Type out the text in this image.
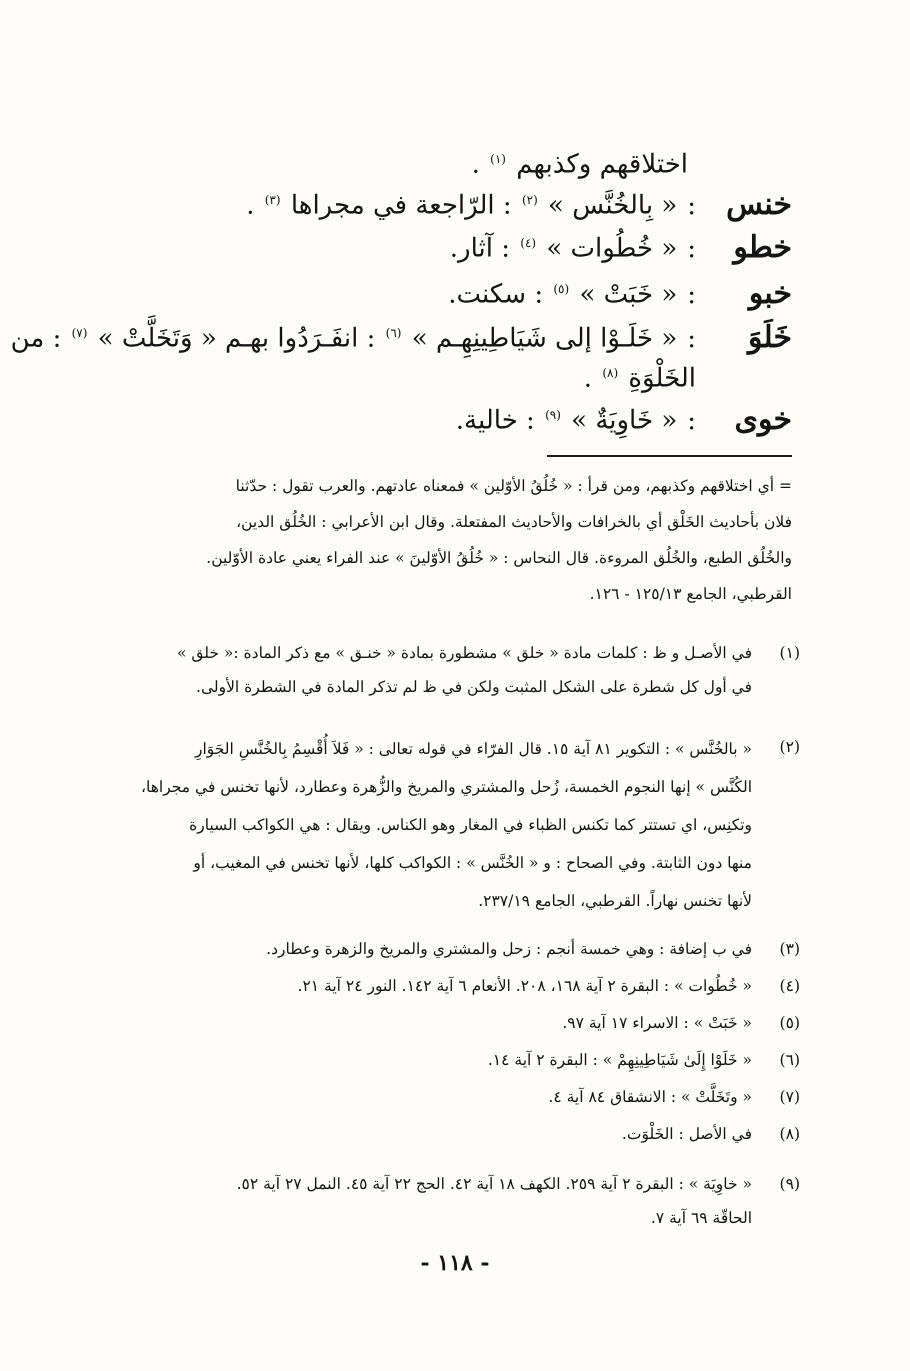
اختلاقهم وكذبهم $^{(١)}$ .
خنس:« بِالخُنَّس » $^{(٢)}$ : الرّاجعة في مجراها $^{(٣)}$ .
خطو:« خُطُوات » $^{(٤)}$ : آثار.
خبو:« خَبَتْ » $^{(٥)}$ : سكنت.
خَلَوَ:« خَلَـوْا إلى شَيَاطِينِهِـم » $^{(٦)}$ : انفَـرَدُوا بهـم « وَتَخَلَّتْ » $^{(٧)}$ : من
الخَلْوَةِ $^{(٨)}$ .
خوى:« خَاوِيَةٌ » $^{(٩)}$ : خالية.
= أي اختلاقهم وكذبهم، ومن قرأ : « خُلُقُ الأوّلين » فمعناه عادتهم. والعرب تقول : حدّثنا
فلان بأحاديث الخَلْق أي بالخرافات والأحاديث المفتعلة. وقال ابن الأعرابي : الخُلُق الدين،
والخُلُق الطبع، والخُلُق المروءة. قال النحاس : « خُلُقُ الأوّلينَ » عند الفراء يعني عادة الأوّلين.
القرطبي، الجامع ١٢٥/١٣ - ١٢٦.
(١)
في الأصـل و ظ : كلمات مادة « خلق » مشطورة بمادة « خنـق » مع ذكر المادة :« خلق »
في أول كل شطرة على الشكل المثبت ولكن في ظ لم تذكر المادة في الشطرة الأولى.
(٢)
« بالخُنَّس » : التكوير ٨١ آية ١٥. قال الفرّاء في قوله تعالى : « فَلاَ أُقْسِمُ بِالخُنَّسِ الجَوَارِ
الكُنَّس » إنها النجوم الخمسة، زُحل والمشتري والمريخ والزُّهرة وعطارد، لأنها تخنس في مجراها،
وتكنِس، اي تستتر كما تكنس الظباء في المغار وهو الكناس. ويقال : هي الكواكب السيارة
منها دون الثابتة. وفي الصحاح : و « الخُنَّس » : الكواكب كلها، لأنها تخنس في المغيب، أو
لأنها تخنس نهاراً. القرطبي، الجامع ٢٣٧/١٩.
(٣)
في ب إضافة : وهي خمسة أنجم : زحل والمشتري والمريخ والزهرة وعطارد.
(٤)
« خُطُوات » : البقرة ٢ آية ١٦٨، ٢٠٨. الأنعام ٦ آية ١٤٢. النور ٢٤ آية ٢١.
(٥)
« خَبَتْ » : الاسراء ١٧ آية ٩٧.
(٦)
« خَلَوْا إِلَىٰ شَيَاطِينِهِمْ » : البقرة ٢ آية ١٤.
(٧)
« وتَخَلَّتْ » : الانشقاق ٨٤ آية ٤.
(٨)
في الأصل : الخَلْوَت.
(٩)
« خاوِيَة » : البقرة ٢ آية ٢٥٩. الكهف ١٨ آية ٤٢. الحج ٢٢ آية ٤٥. النمل ٢٧ آية ٥٢.
الحاقّة ٦٩ آية ٧.
- ١١٨ -
